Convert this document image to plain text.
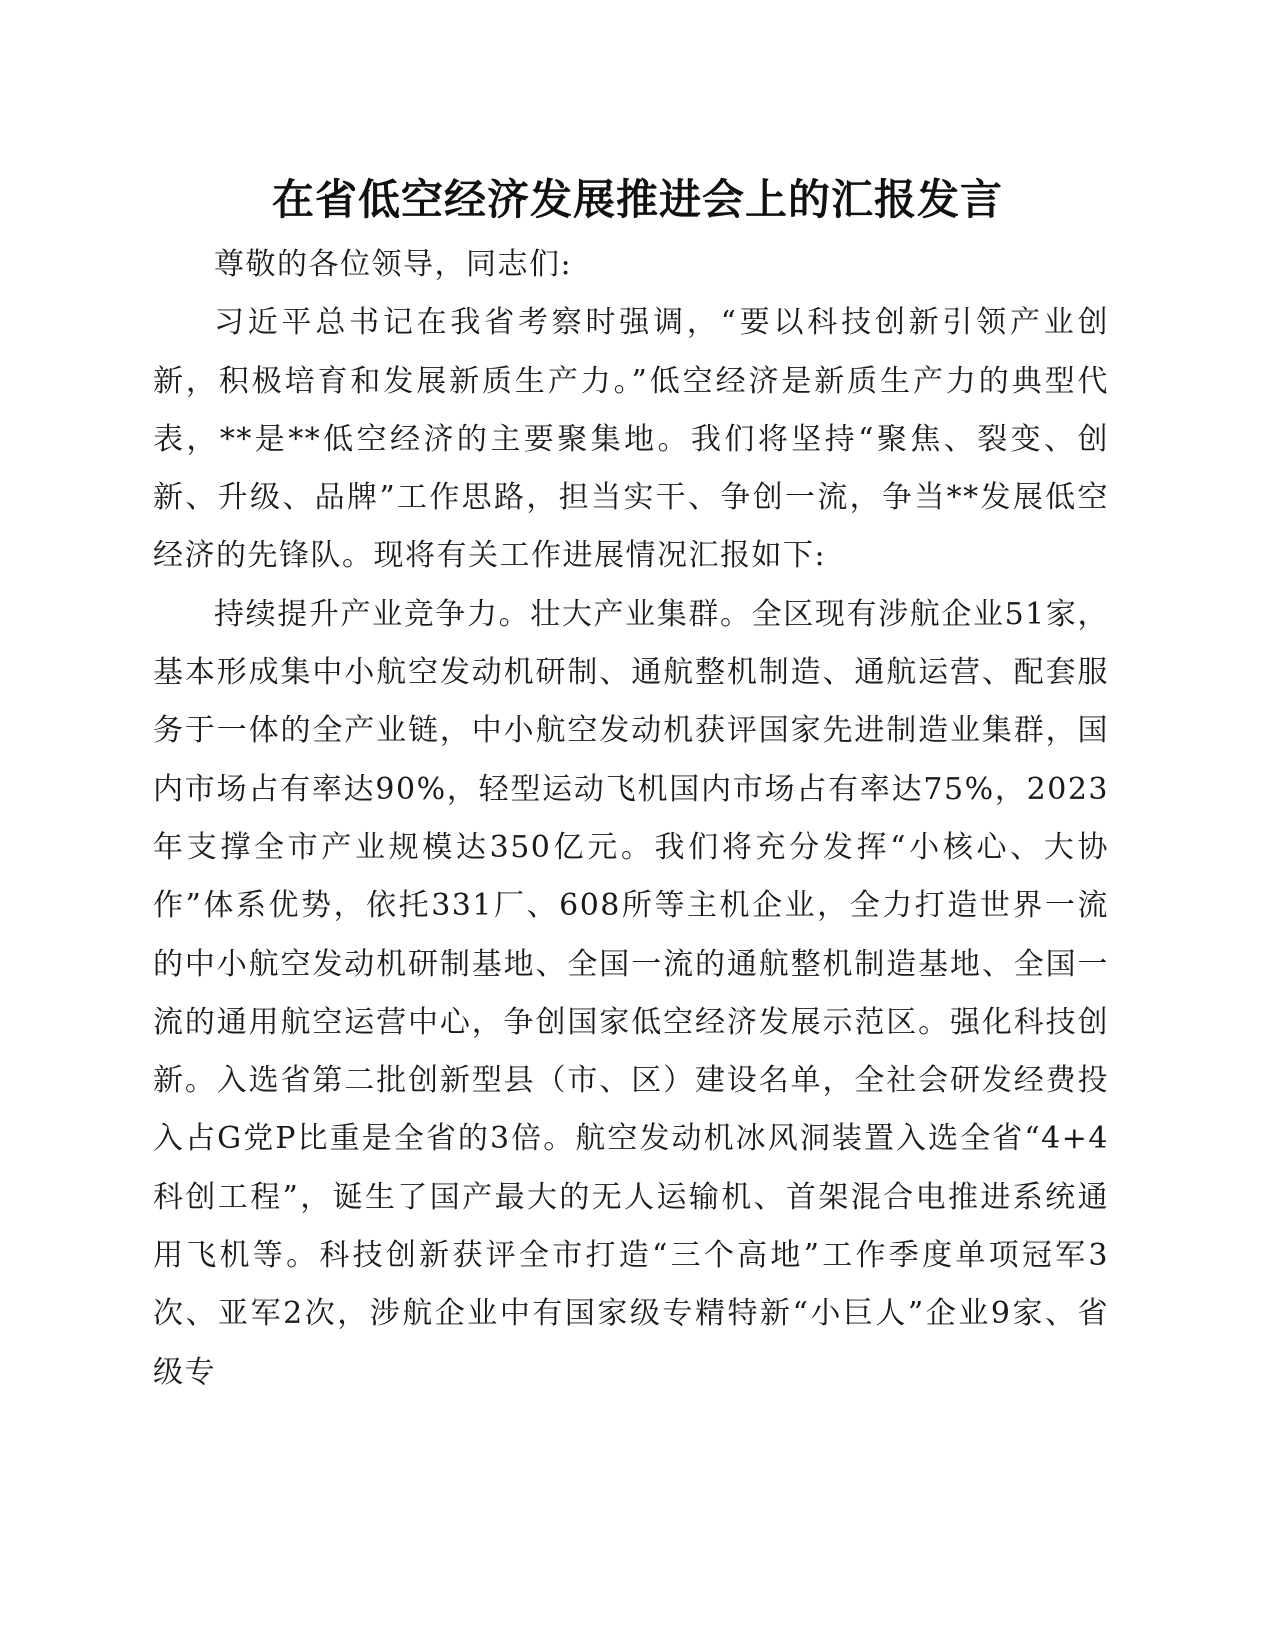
在省低空经济发展推进会上的汇报发言

尊敬的各位领导，同志们:

习近平总书记在我省考察时强调，“要以科技创新引领产业创新，积极培育和发展新质生产力。”低空经济是新质生产力的典型代表，**是**低空经济的主要聚集地。我们将坚持“聚焦、裂变、创新、升级、品牌”工作思路，担当实干、争创一流，争当**发展低空经济的先锋队。现将有关工作进展情况汇报如下:

持续提升产业竞争力。壮大产业集群。全区现有涉航企业51家，基本形成集中小航空发动机研制、通航整机制造、通航运营、配套服务于一体的全产业链，中小航空发动机获评国家先进制造业集群，国内市场占有率达90%，轻型运动飞机国内市场占有率达75%，2023年支撑全市产业规模达350亿元。我们将充分发挥“小核心、大协作”体系优势，依托331厂、608所等主机企业，全力打造世界一流的中小航空发动机研制基地、全国一流的通航整机制造基地、全国一流的通用航空运营中心，争创国家低空经济发展示范区。强化科技创新。入选省第二批创新型县（市、区）建设名单，全社会研发经费投入占G党P比重是全省的3倍。航空发动机冰风洞装置入选全省“4+4科创工程”，诞生了国产最大的无人运输机、首架混合电推进系统通用飞机等。科技创新获评全市打造“三个高地”工作季度单项冠军3次、亚军2次，涉航企业中有国家级专精特新“小巨人”企业9家、省级专
